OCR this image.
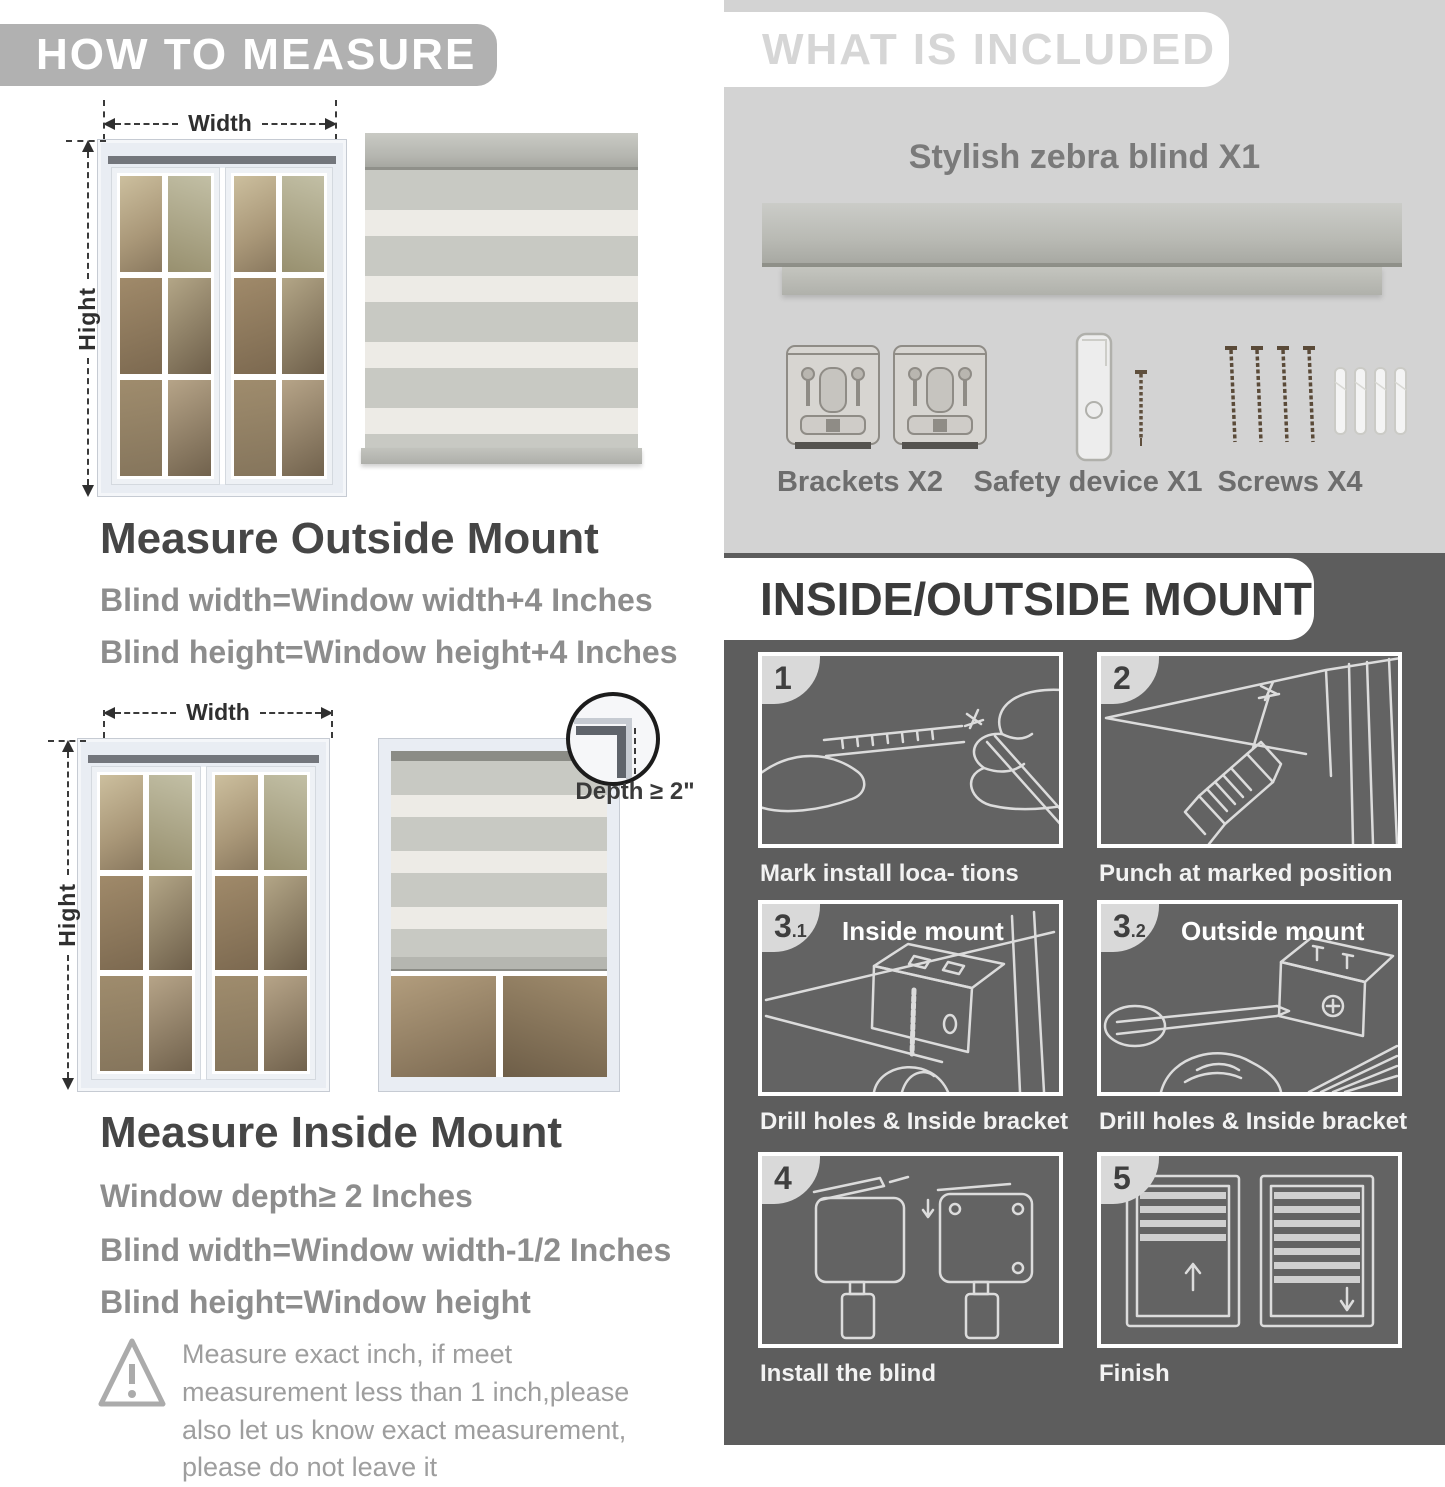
HOW TO MEASURE
Width
Hight
Measure Outside Mount
Blind width=Window width+4 Inches
Blind height=Window height+4 Inches
Width
Hight
Depth ≥ 2"
Measure Inside Mount
Window depth≥ 2 Inches
Blind width=Window width-1/2 Inches
Blind height=Window height
Measure exact inch, if meet measurement less than 1 inch,please also let us know exact measurement, please do not leave it
WHAT IS INCLUDED
Stylish zebra blind X1
Brackets X2 Safety device X1 Screws X4
INSIDE/OUTSIDE MOUNT
1
Mark install loca- tions
2
Punch at marked position
3.1	Inside mount
Drill holes & Inside bracket
3.2	Outside mount
Drill holes & Inside bracket
4
Install the blind
5
Finish
